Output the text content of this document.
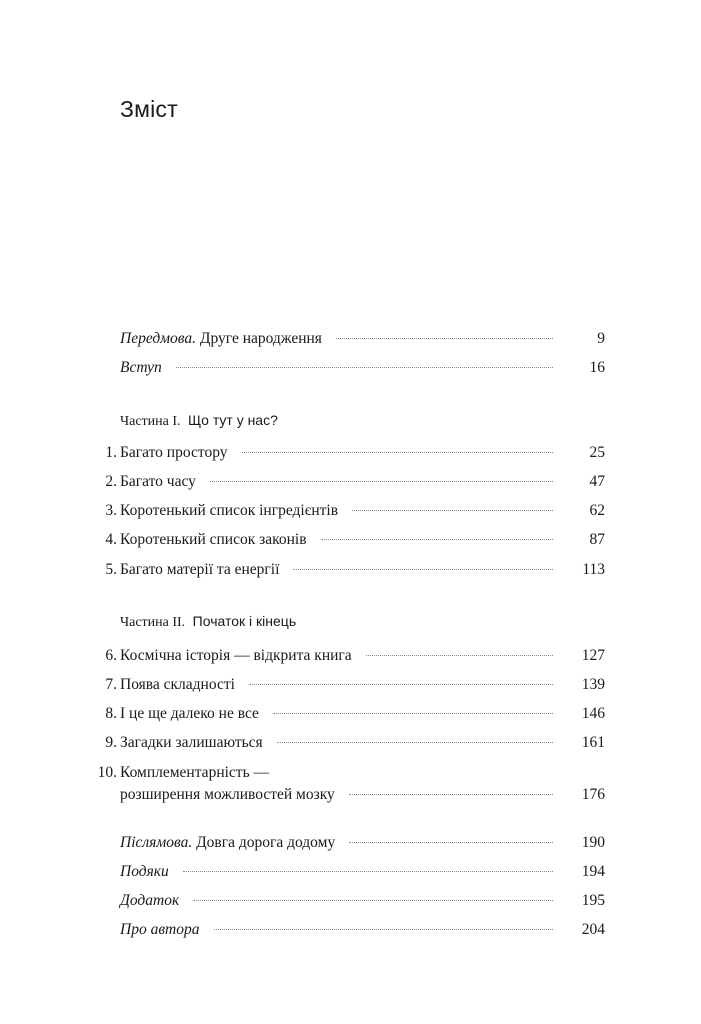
Зміст
Передмова. Друге народження	9
Вступ	16
Частина I. Що тут у нас?
1. Багато простору	25
2. Багато часу	47
3. Коротенький список інгредієнтів	62
4. Коротенький список законів	87
5. Багато матерії та енергії	113
Частина II. Початок і кінець
6. Космічна історія — відкрита книга	127
7. Поява складності	139
8. І це ще далеко не все	146
9. Загадки залишаються	161
10. Комплементарність —
розширення можливостей мозку	176
Післямова. Довга дорога додому	190
Подяки	194
Додаток	195
Про автора	204
